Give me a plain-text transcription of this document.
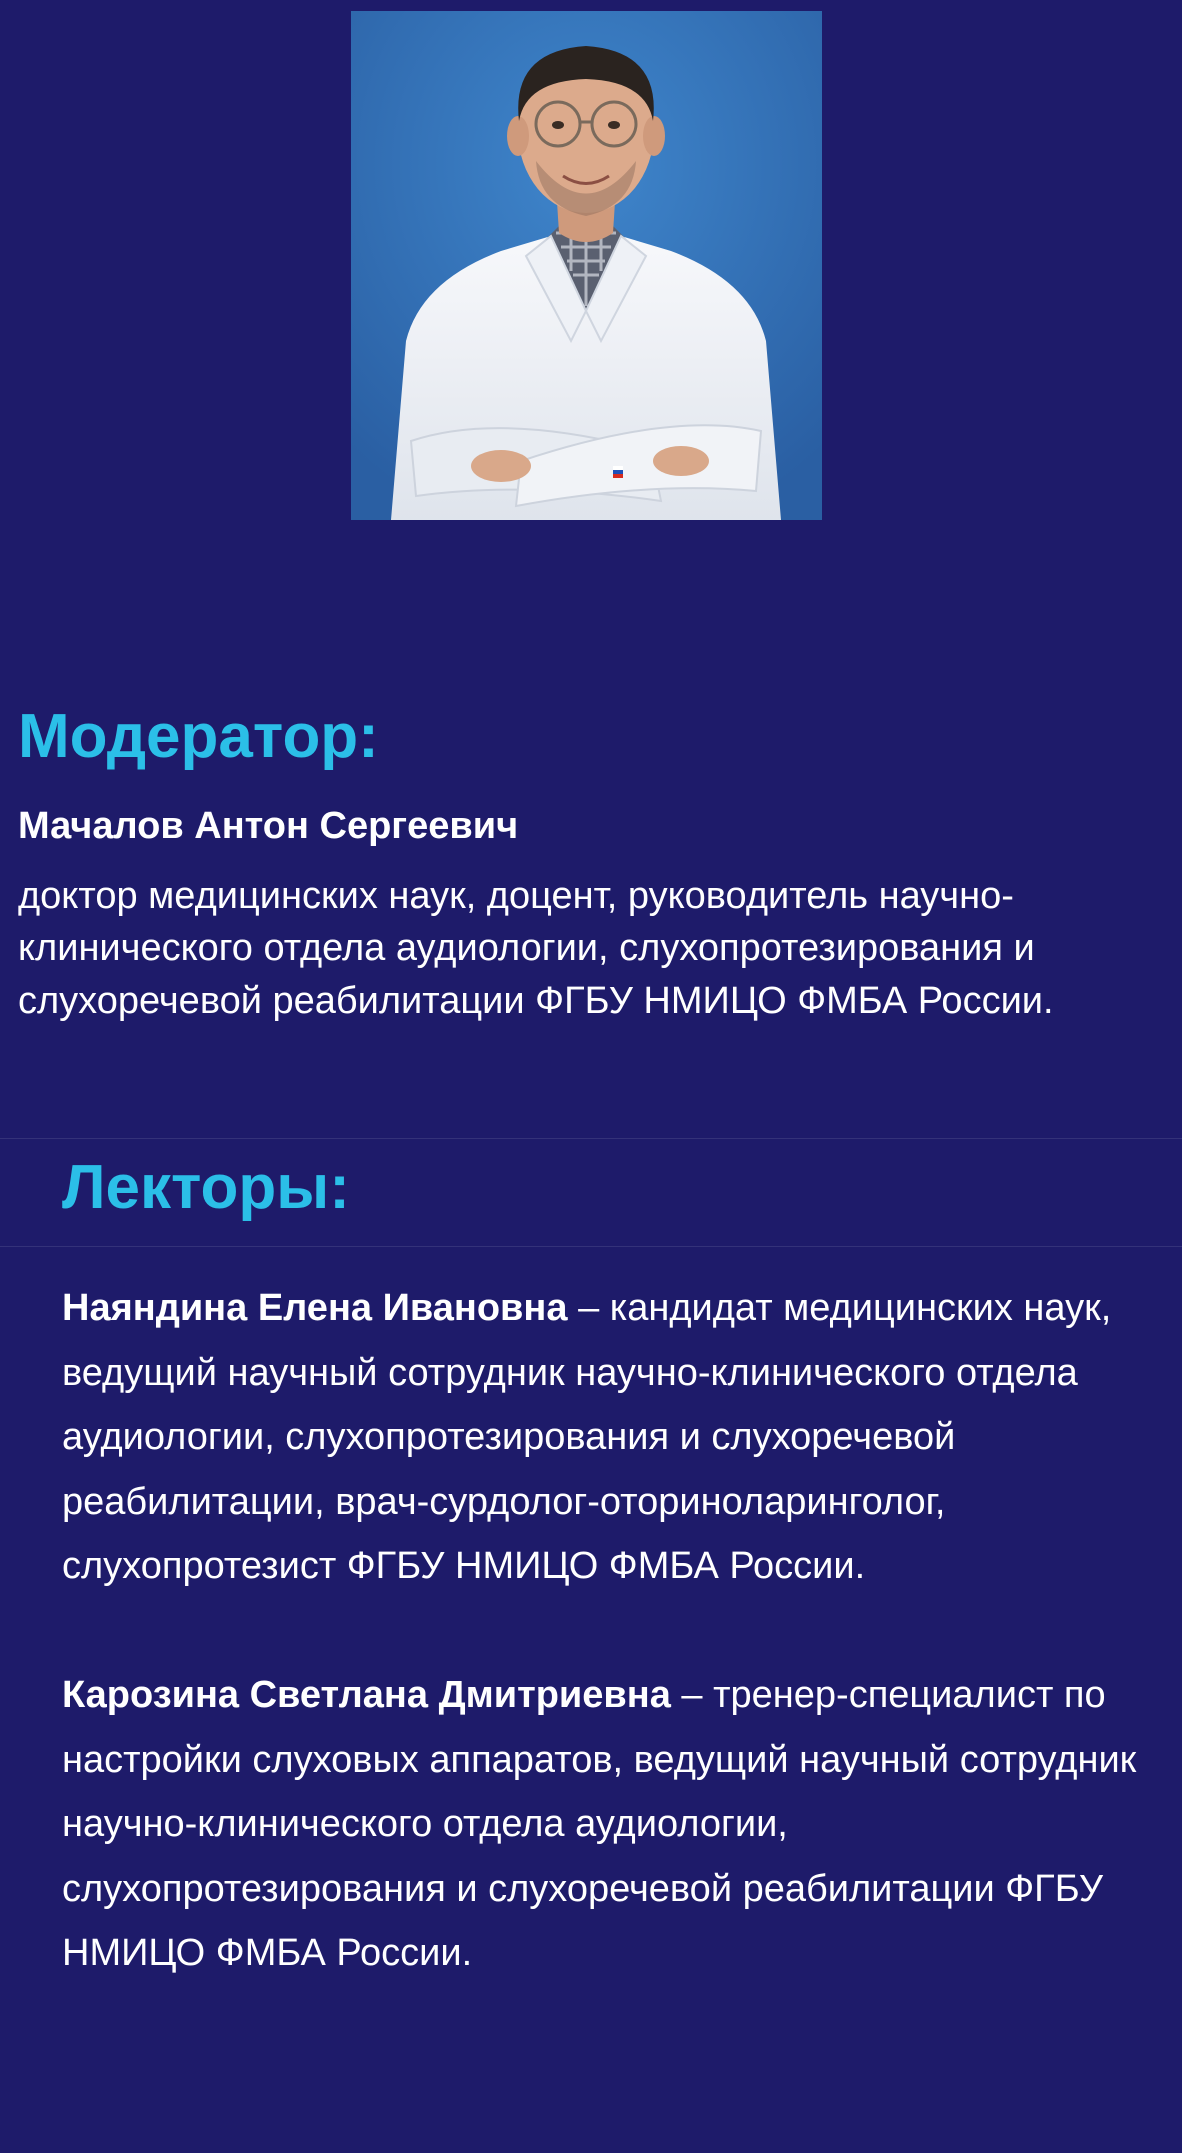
Модератор:

Мачалов Антон Сергеевич

доктор медицинских наук, доцент, руководитель научно-клинического отдела аудиологии, слухопротезирования и слухоречевой реабилитации ФГБУ НМИЦО ФМБА России.

Лекторы:

Наяндина Елена Ивановна – кандидат медицинских наук, ведущий научный сотрудник научно-клинического отдела аудиологии, слухопротезирования и слухоречевой реабилитации, врач-сурдолог-оториноларинголог, слухопротезист ФГБУ НМИЦО ФМБА России.

Карозина Светлана Дмитриевна – тренер-специалист по настройки слуховых аппаратов, ведущий научный сотрудник научно-клинического отдела аудиологии, слухопротезирования и слухоречевой реабилитации ФГБУ НМИЦО ФМБА России.
